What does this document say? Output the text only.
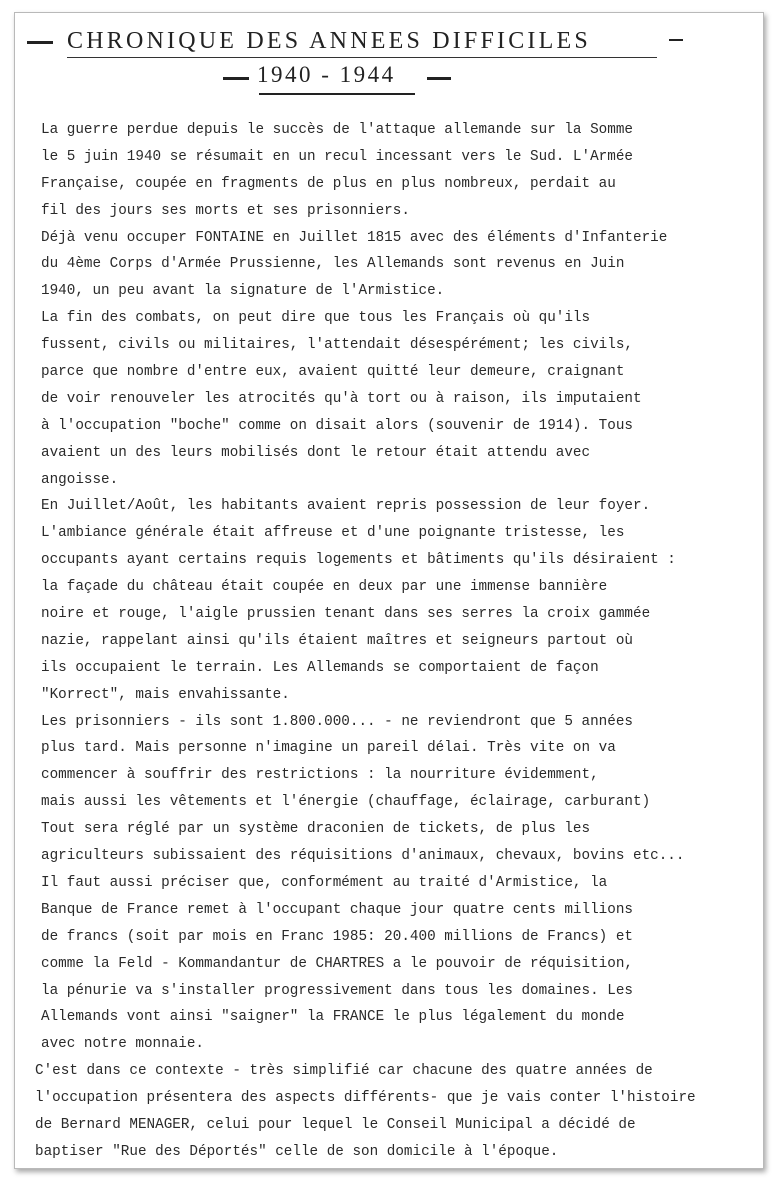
CHRONIQUE DES ANNEES DIFFICILES
1940 - 1944
La guerre perdue depuis le succès de l'attaque allemande sur la Somme
le 5 juin 1940 se résumait en un recul incessant vers le Sud. L'Armée
Française, coupée en fragments de plus en plus nombreux, perdait au
fil des jours ses morts et ses prisonniers.
Déjà venu occuper FONTAINE en Juillet 1815 avec des éléments d'Infanterie
du 4ème Corps d'Armée Prussienne, les Allemands sont revenus en Juin
1940, un peu avant la signature de l'Armistice.
La fin des combats, on peut dire que tous les Français où qu'ils
fussent, civils ou militaires, l'attendait désespérément; les civils,
parce que nombre d'entre eux, avaient quitté leur demeure, craignant
de voir renouveler les atrocités qu'à tort ou à raison, ils imputaient
à l'occupation "boche" comme on disait alors (souvenir de 1914). Tous
avaient un des leurs mobilisés dont le retour était attendu avec
angoisse.
En Juillet/Août, les habitants avaient repris possession de leur foyer.
L'ambiance générale était affreuse et d'une poignante tristesse, les
occupants ayant certains requis logements et bâtiments qu'ils désiraient :
la façade du château était coupée en deux par une immense bannière
noire et rouge, l'aigle prussien tenant dans ses serres la croix gammée
nazie, rappelant ainsi qu'ils étaient maîtres et seigneurs partout où
ils occupaient le terrain. Les Allemands se comportaient de façon
"Korrect", mais envahissante.
Les prisonniers - ils sont 1.800.000... - ne reviendront que 5 années
plus tard. Mais personne n'imagine un pareil délai. Très vite on va
commencer à souffrir des restrictions : la nourriture évidemment,
mais aussi les vêtements et l'énergie (chauffage, éclairage, carburant)
Tout sera réglé par un système draconien de tickets, de plus les
agriculteurs subissaient des réquisitions d'animaux, chevaux, bovins etc...
Il faut aussi préciser que, conformément au traité d'Armistice, la
Banque de France remet à l'occupant chaque jour quatre cents millions
de francs (soit par mois en Franc 1985: 20.400 millions de Francs) et
comme la Feld - Kommandantur de CHARTRES a le pouvoir de réquisition,
la pénurie va s'installer progressivement dans tous les domaines. Les
Allemands vont ainsi "saigner" la FRANCE le plus légalement du monde
avec notre monnaie.
C'est dans ce contexte - très simplifié car chacune des quatre années de
l'occupation présentera des aspects différents- que je vais conter l'histoire
de Bernard MENAGER, celui pour lequel le Conseil Municipal a décidé de
baptiser "Rue des Déportés" celle de son domicile à l'époque.
